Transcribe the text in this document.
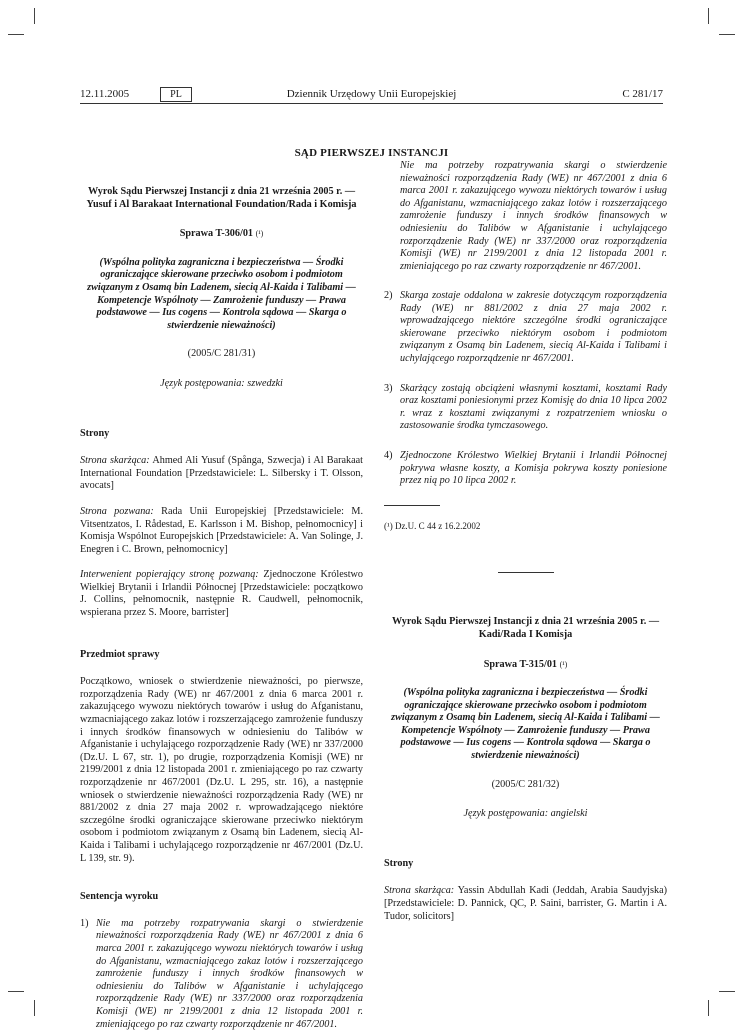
12.11.2005	PL	Dziennik Urzędowy Unii Europejskiej	C 281/17
SĄD PIERWSZEJ INSTANCJI

Wyrok Sądu Pierwszej Instancji z dnia 21 września 2005 r. — Yusuf i Al Barakaat International Foundation/Rada i Komisja

Sprawa T-306/01 (¹)

(Wspólna polityka zagraniczna i bezpieczeństwa — Środki ograniczające skierowane przeciwko osobom i podmiotom związanym z Osamą bin Ladenem, siecią Al-Kaida i Talibami — Kompetencje Wspólnoty — Zamrożenie funduszy — Prawa podstawowe — Ius cogens — Kontrola sądowa — Skarga o stwierdzenie nieważności)

(2005/C 281/31)

Język postępowania: szwedzki

Strony

Strona skarżąca: Ahmed Ali Yusuf (Spånga, Szwecja) i Al Barakaat International Foundation [Przedstawiciele: L. Silbersky i T. Olsson, avocats]

Strona pozwana: Rada Unii Europejskiej [Przedstawiciele: M. Vitsentzatos, I. Rådestad, E. Karlsson i M. Bishop, pełnomocnicy] i Komisja Wspólnot Europejskich [Przedstawiciele: A. Van Solinge, J. Enegren i C. Brown, pełnomocnicy]

Interwenient popierający stronę pozwaną: Zjednoczone Królestwo Wielkiej Brytanii i Irlandii Północnej [Przedstawiciele: początkowo J. Collins, pełnomocnik, następnie R. Caudwell, pełnomocnik, wspierana przez S. Moore, barrister]

Przedmiot sprawy

Początkowo, wniosek o stwierdzenie nieważności, po pierwsze, rozporządzenia Rady (WE) nr 467/2001 z dnia 6 marca 2001 r. zakazującego wywozu niektórych towarów i usług do Afganistanu, wzmacniającego zakaz lotów i rozszerzającego zamrożenie funduszy i innych środków finansowych w odniesieniu do Talibów w Afganistanie i uchylającego rozporządzenie Rady (WE) nr 337/2000 (Dz.U. L 67, str. 1), po drugie, rozporządzenia Komisji (WE) nr 2199/2001 z dnia 12 listopada 2001 r. zmieniającego po raz czwarty rozporządzenie nr 467/2001 (Dz.U. L 295, str. 16), a następnie wniosek o stwierdzenie nieważności rozporządzenia Rady (WE) nr 881/2002 z dnia 27 maja 2002 r. wprowadzającego niektóre szczególne środki ograniczające skierowane przeciwko niektórym osobom i podmiotom związanym z Osamą bin Ladenem, siecią Al-Kaida i Talibami i uchylającego rozporządzenie nr 467/2001 (Dz.U. L 139, str. 9).

Sentencja wyroku

1) Nie ma potrzeby rozpatrywania skargi o stwierdzenie nieważności rozporządzenia Rady (WE) nr 467/2001 z dnia 6 marca 2001 r. zakazującego wywozu niektórych towarów i usług do Afganistanu, wzmacniającego zakaz lotów i rozszerzającego zamrożenie funduszy i innych środków finansowych w odniesieniu do Talibów w Afganistanie i uchylającego rozporządzenie Rady (WE) nr 337/2000 oraz rozporządzenia Komisji (WE) nr 2199/2001 z dnia 12 listopada 2001 r. zmieniającego po raz czwarty rozporządzenie nr 467/2001.
Nie ma potrzeby rozpatrywania skargi o stwierdzenie nieważności rozporządzenia Rady (WE) nr 467/2001 z dnia 6 marca 2001 r. zakazującego wywozu niektórych towarów i usług do Afganistanu, wzmacniającego zakaz lotów i rozszerzającego zamrożenie funduszy i innych środków finansowych w odniesieniu do Talibów w Afganistanie i uchylającego rozporządzenie Rady (WE) nr 337/2000 oraz rozporządzenia Komisji (WE) nr 2199/2001 z dnia 12 listopada 2001 r. zmieniającego po raz czwarty rozporządzenie nr 467/2001.
2) Skarga zostaje oddalona w zakresie dotyczącym rozporządzenia Rady (WE) nr 881/2002 z dnia 27 maja 2002 r. wprowadzającego niektóre szczególne środki ograniczające skierowane przeciwko niektórym osobom i podmiotom związanym z Osamą bin Ladenem, siecią Al-Kaida i Talibami i uchylającego rozporządzenie nr 467/2001.
3) Skarżący zostają obciążeni własnymi kosztami, kosztami Rady oraz kosztami poniesionymi przez Komisję do dnia 10 lipca 2002 r. wraz z kosztami związanymi z rozpatrzeniem wniosku o zastosowanie środka tymczasowego.
4) Zjednoczone Królestwo Wielkiej Brytanii i Irlandii Północnej pokrywa własne koszty, a Komisja pokrywa koszty poniesione przez nią po 10 lipca 2002 r.

(¹) Dz.U. C 44 z 16.2.2002

Wyrok Sądu Pierwszej Instancji z dnia 21 września 2005 r. — Kadi/Rada I Komisja

Sprawa T-315/01 (¹)

(Wspólna polityka zagraniczna i bezpieczeństwa — Środki ograniczające skierowane przeciwko osobom i podmiotom związanym z Osamą bin Ladenem, siecią Al-Kaida i Talibami — Kompetencje Wspólnoty — Zamrożenie funduszy — Prawa podstawowe — Ius cogens — Kontrola sądowa — Skarga o stwierdzenie nieważności)

(2005/C 281/32)

Język postępowania: angielski

Strony

Strona skarżąca: Yassin Abdullah Kadi (Jeddah, Arabia Saudyjska) [Przedstawiciele: D. Pannick, QC, P. Saini, barrister, G. Martin i A. Tudor, solicitors]
